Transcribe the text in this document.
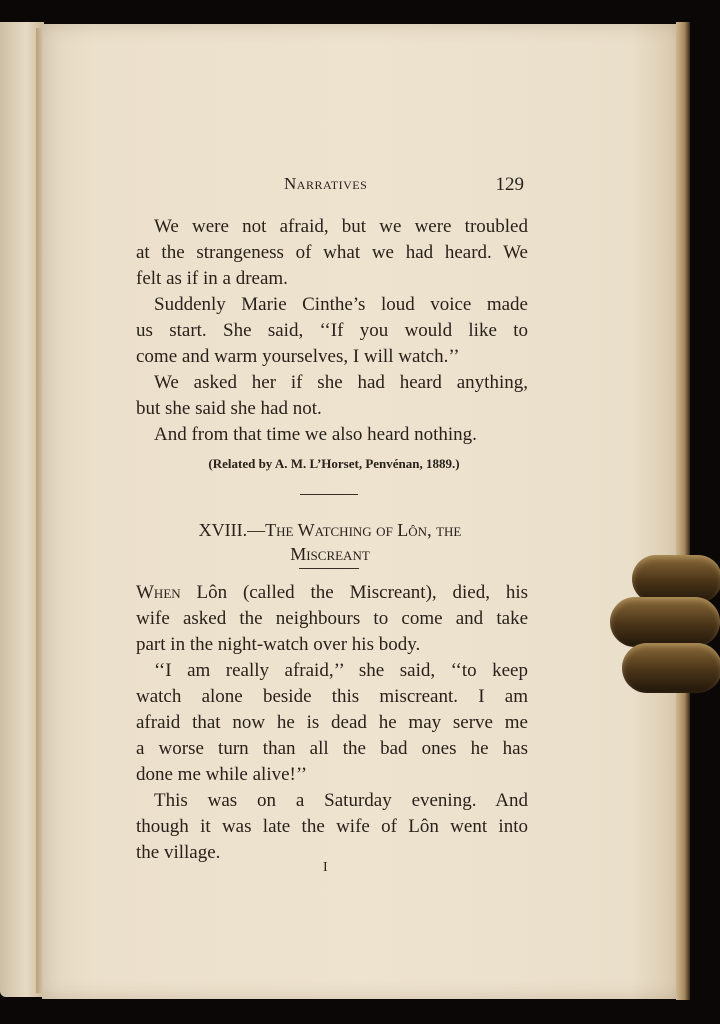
Narratives	129
We were not afraid, but we were troubled
at the strangeness of what we had heard. We
felt as if in a dream.
Suddenly Marie Cinthe’s loud voice made
us start. She said, ‘‘If you would like to
come and warm yourselves, I will watch.’’
We asked her if she had heard anything,
but she said she had not.
And from that time we also heard nothing.
(Related by A. M. L’Horset, Penvénan, 1889.)
XVIII.—The Watching of Lôn, the
Miscreant
When Lôn (called the Miscreant), died, his
wife asked the neighbours to come and take
part in the night-watch over his body.
‘‘I am really afraid,’’ she said, ‘‘to keep
watch alone beside this miscreant. I am
afraid that now he is dead he may serve me
a worse turn than all the bad ones he has
done me while alive!’’
This was on a Saturday evening. And
though it was late the wife of Lôn went into
the village.
I
